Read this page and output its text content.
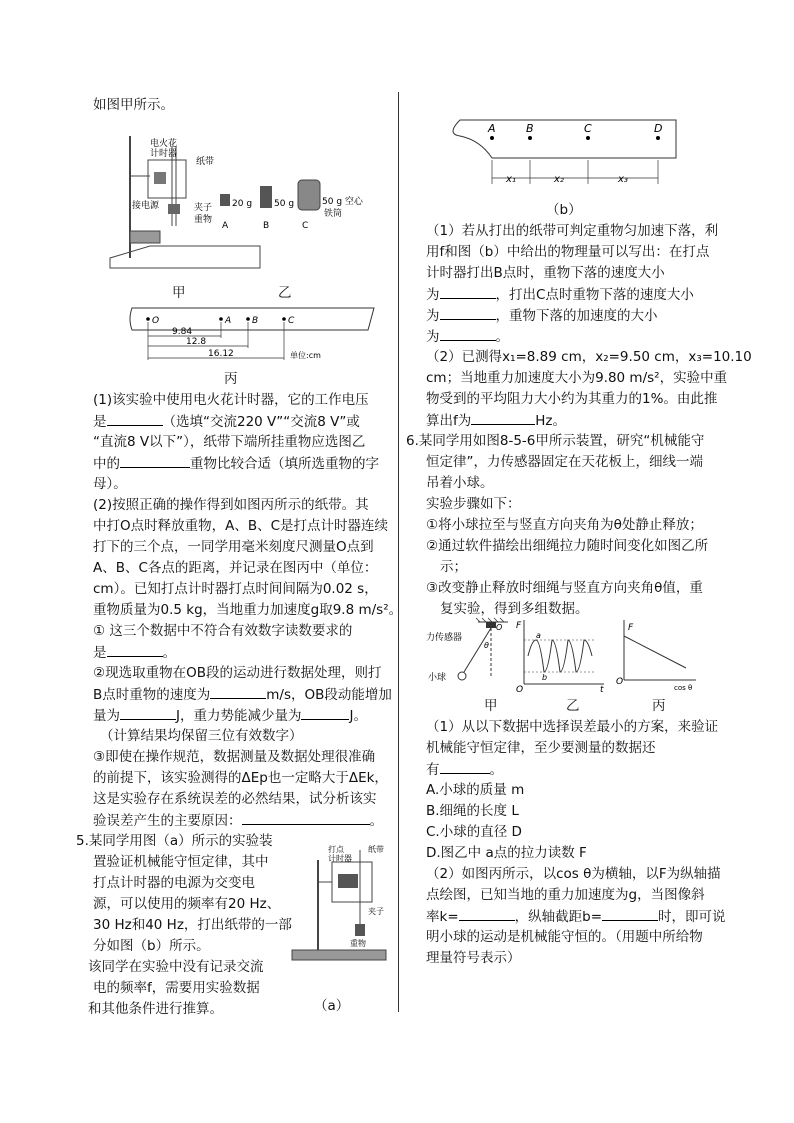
如图甲所示。
电火花
计时器
纸带
接电源	夹子
重物
20 g
A
50 g
B
50 g 空心
铁筒
C
甲	乙
O	A B	C
9.84
12.8
16.12	单位:cm
丙
(1)该实验中使用电火花计时器，它的工作电压
是	（选填“交流220 V”“交流8 V”或
“直流8 V以下”），纸带下端所挂重物应选图乙
中的	重物比较合适（填所选重物的字
母）。
(2)按照正确的操作得到如图丙所示的纸带。其
中打O点时释放重物，A、B、C是打点计时器连续
打下的三个点，一同学用毫米刻度尺测量O点到
A、B、C各点的距离，并记录在图丙中（单位：
cm）。已知打点计时器打点时间间隔为0.02 s，
重物质量为0.5 kg，当地重力加速度g取9.8 m/s²。
① 这三个数据中不符合有效数字读数要求的
是	。
②现选取重物在OB段的运动进行数据处理，则打
B点时重物的速度为	m/s，OB段动能增加
量为	J，重力势能减少量为	J。
（计算结果均保留三位有效数字）
③即使在操作规范，数据测量及数据处理很准确
的前提下，该实验测得的ΔEp也一定略大于ΔEk，
这是实验存在系统误差的必然结果，试分析该实
验误差产生的主要原因：	。
5.某同学用图（a）所示的实验装
置验证机械能守恒定律，其中
打点计时器的电源为交变电
源，可以使用的频率有20 Hz、
30 Hz和40 Hz，打出纸带的一部
分如图（b）所示。
该同学在实验中没有记录交流
电的频率f，需要用实验数据
和其他条件进行推算。
打点
计时器
纸带
夹子
重物
（a）
A	B	C	D
x₁	x₂	x₃
（b）
（1）若从打出的纸带可判定重物匀加速下落，利
用f和图（b）中给出的物理量可以写出：在打点
计时器打出B点时，重物下落的速度大小
为	，打出C点时重物下落的速度大小
为	，重物下落的加速度的大小
为	。
（2）已测得x₁=8.89 cm，x₂=9.50 cm，x₃=10.10
cm；当地重力加速度大小为9.80 m/s²，实验中重
物受到的平均阻力大小约为其重力的1%。由此推
算出f为	Hz。
6.某同学用如图8-5-6甲所示装置，研究“机械能守
恒定律”，力传感器固定在天花板上，细线一端
吊着小球。
实验步骤如下：
①将小球拉至与竖直方向夹角为θ处静止释放；
②通过软件描绘出细绳拉力随时间变化如图乙所
示；
③改变静止释放时细绳与竖直方向夹角θ值，重
复实验，得到多组数据。
力传感器
小球
O
θ
F
a
b
t
O
F
O
cos θ
甲	乙	丙
（1）从以下数据中选择误差最小的方案，来验证
机械能守恒定律，至少要测量的数据还
有	。
A.小球的质量 m
B.细绳的长度 L
C.小球的直径 D
D.图乙中 a点的拉力读数 F
（2）如图丙所示，以cos θ为横轴，以F为纵轴描
点绘图，已知当地的重力加速度为g，当图像斜
率k=	，纵轴截距b=	时，即可说
明小球的运动是机械能守恒的。（用题中所给物
理量符号表示）
